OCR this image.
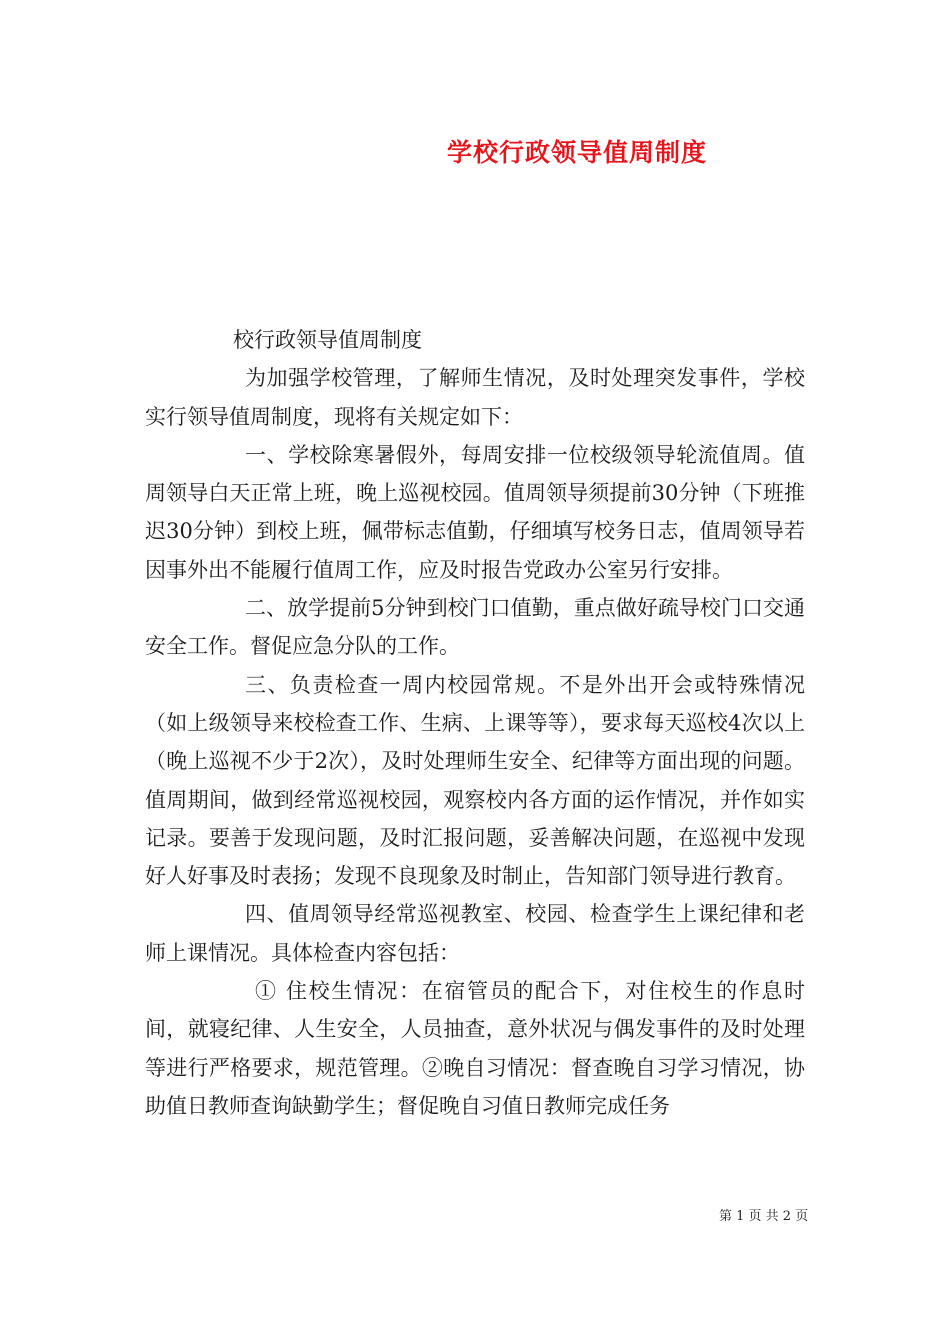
学校行政领导值周制度

校行政领导值周制度

为加强学校管理，了解师生情况，及时处理突发事件，学校实行领导值周制度，现将有关规定如下：

一、学校除寒暑假外，每周安排一位校级领导轮流值周。值周领导白天正常上班，晚上巡视校园。值周领导须提前30分钟（下班推迟30分钟）到校上班，佩带标志值勤，仔细填写校务日志，值周领导若因事外出不能履行值周工作，应及时报告党政办公室另行安排。

二、放学提前5分钟到校门口值勤，重点做好疏导校门口交通安全工作。督促应急分队的工作。

三、负责检查一周内校园常规。不是外出开会或特殊情况（如上级领导来校检查工作、生病、上课等等），要求每天巡校4次以上（晚上巡视不少于2次），及时处理师生安全、纪律等方面出现的问题。值周期间，做到经常巡视校园，观察校内各方面的运作情况，并作如实记录。要善于发现问题，及时汇报问题，妥善解决问题，在巡视中发现好人好事及时表扬；发现不良现象及时制止，告知部门领导进行教育。

四、值周领导经常巡视教室、校园、检查学生上课纪律和老师上课情况。具体检查内容包括：

① 住校生情况：在宿管员的配合下，对住校生的作息时间，就寝纪律、人生安全，人员抽查，意外状况与偶发事件的及时处理等进行严格要求，规范管理。②晚自习情况：督查晚自习学习情况，协助值日教师查询缺勤学生；督促晚自习值日教师完成任务

第 1 页 共 2 页
